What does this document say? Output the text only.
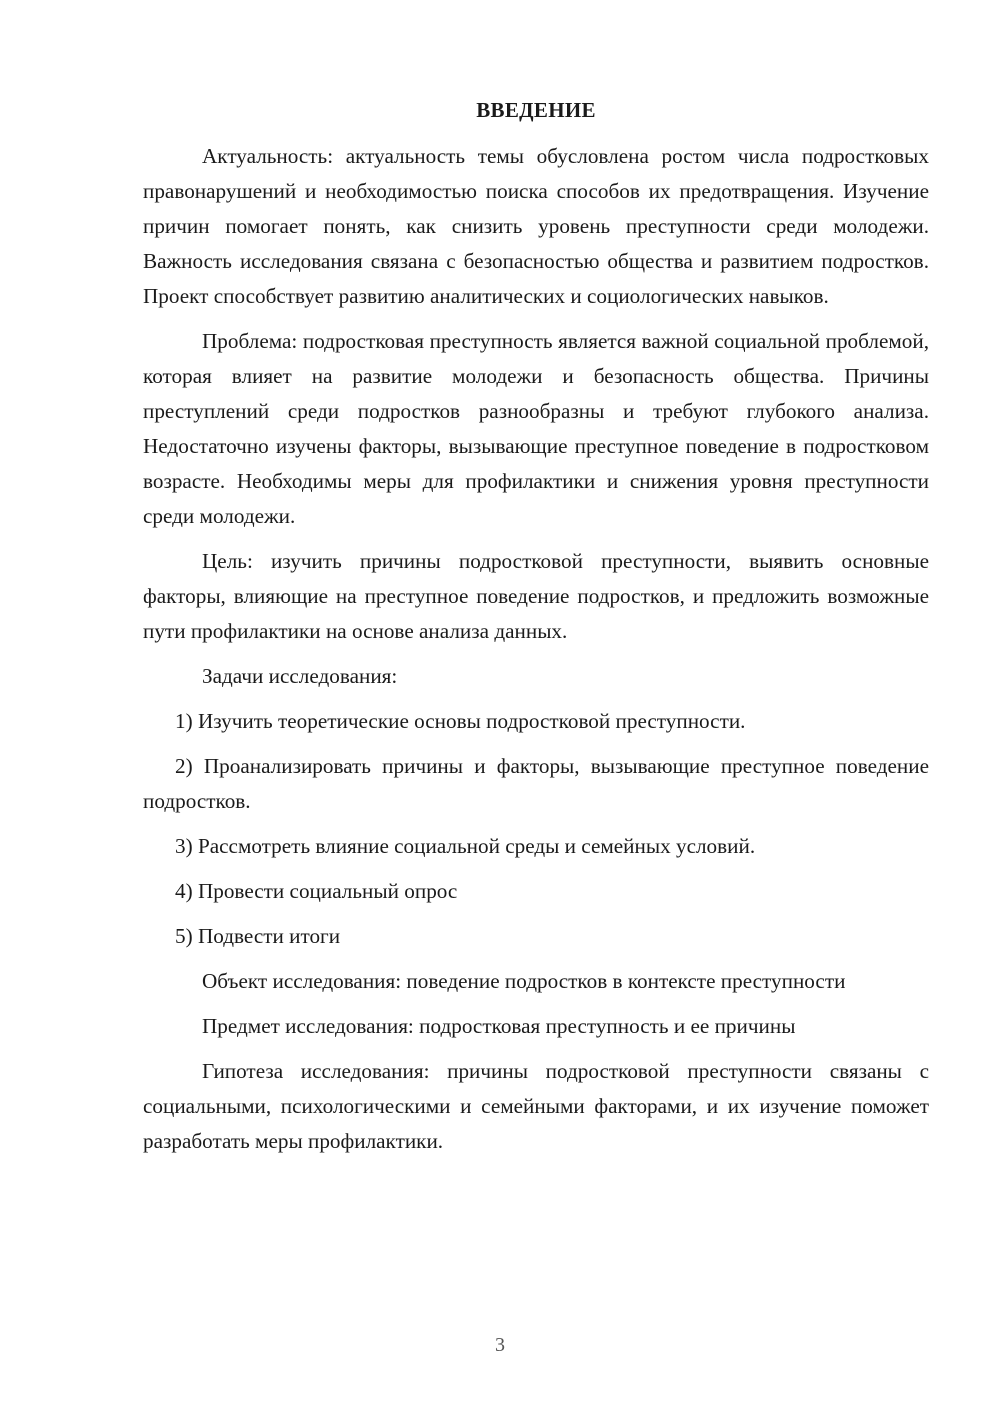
ВВЕДЕНИЕ

Актуальность: актуальность темы обусловлена ростом числа подростковых правонарушений и необходимостью поиска способов их предотвращения. Изучение причин помогает понять, как снизить уровень преступности среди молодежи. Важность исследования связана с безопасностью общества и развитием подростков. Проект способствует развитию аналитических и социологических навыков.

Проблема: подростковая преступность является важной социальной проблемой, которая влияет на развитие молодежи и безопасность общества. Причины преступлений среди подростков разнообразны и требуют глубокого анализа. Недостаточно изучены факторы, вызывающие преступное поведение в подростковом возрасте. Необходимы меры для профилактики и снижения уровня преступности среди молодежи.

Цель: изучить причины подростковой преступности, выявить основные факторы, влияющие на преступное поведение подростков, и предложить возможные пути профилактики на основе анализа данных.

Задачи исследования:

1) Изучить теоретические основы подростковой преступности.

2) Проанализировать причины и факторы, вызывающие преступное поведение подростков.

3) Рассмотреть влияние социальной среды и семейных условий.

4) Провести социальный опрос

5) Подвести итоги

Объект исследования: поведение подростков в контексте преступности

Предмет исследования: подростковая преступность и ее причины

Гипотеза исследования: причины подростковой преступности связаны с социальными, психологическими и семейными факторами, и их изучение поможет разработать меры профилактики.

3
